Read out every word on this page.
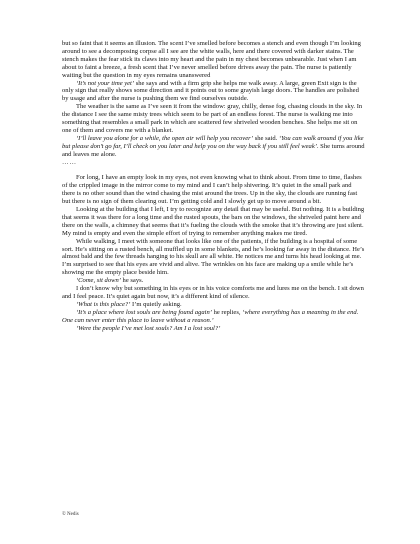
but so faint that it seems an illusion. The scent I’ve smelled before becomes a stench and even though I’m looking around to see a decomposing corpse all I see are the white walls, here and there covered with darker stains. The stench makes the fear stick its claws into my heart and the pain in my chest becomes unbearable. Just when I am about to faint a breeze, a fresh scent that I’ve never smelled before drives away the pain. The nurse is patiently waiting but the question in my eyes remains unanswered

‘It’s not your time yet’ she says and with a firm grip she helps me walk away. A large, green Exit sign is the only sign that really shows some direction and it points out to some grayish large doors. The handles are polished by usage and after the nurse is pushing them we find ourselves outside.

The weather is the same as I’ve seen it from the window: gray, chilly, dense fog, chasing clouds in the sky. In the distance I see the same misty trees which seem to be part of an endless forest. The nurse is walking me into something that resembles a small park in which are scattered few shriveled wooden benches. She helps me sit on one of them and covers me with a blanket.

‘I’ll leave you alone for a while, the open air will help you recover’ she said. ‘You can walk around if you like but please don’t go far, I’ll check on you later and help you on the way back if you still feel weak’. She turns around and leaves me alone.

……

For long, I have an empty look in my eyes, not even knowing what to think about. From time to time, flashes of the crippled image in the mirror come to my mind and I can’t help shivering. It’s quiet in the small park and there is no other sound than the wind chasing the mist around the trees. Up in the sky, the clouds are running fast but there is no sign of them clearing out. I’m getting cold and I slowly get up to move around a bit.

Looking at the building that I left, I try to recognize any detail that may be useful. But nothing. It is a building that seems it was there for a long time and the rusted spouts, the bars on the windows, the shriveled paint here and there on the walls, a chimney that seems that it’s fueling the clouds with the smoke that it’s throwing are just silent. My mind is empty and even the simple effort of trying to remember anything makes me tired.

While walking, I meet with someone that looks like one of the patients, if the building is a hospital of some sort. He’s sitting on a rusted bench, all muffled up in some blankets, and he’s looking far away in the distance. He’s almost bald and the few threads hanging to his skull are all white. He notices me and turns his head looking at me. I’m surprised to see that his eyes are vivid and alive. The wrinkles on his face are making up a smile while he’s showing me the empty place beside him.

‘Come, sit down’ he says.

I don’t know why but something in his eyes or in his voice comforts me and lures me on the bench. I sit down and I feel peace. It’s quiet again but now, it’s a different kind of silence.

‘What is this place?’ I’m quietly asking.

‘It’s a place where lost souls are being found again’ he replies, ‘where everything has a meaning in the end. One can never enter this place to leave without a reason.’

‘Were the people I’ve met lost souls? Am I a lost soul?’

© Nedis
